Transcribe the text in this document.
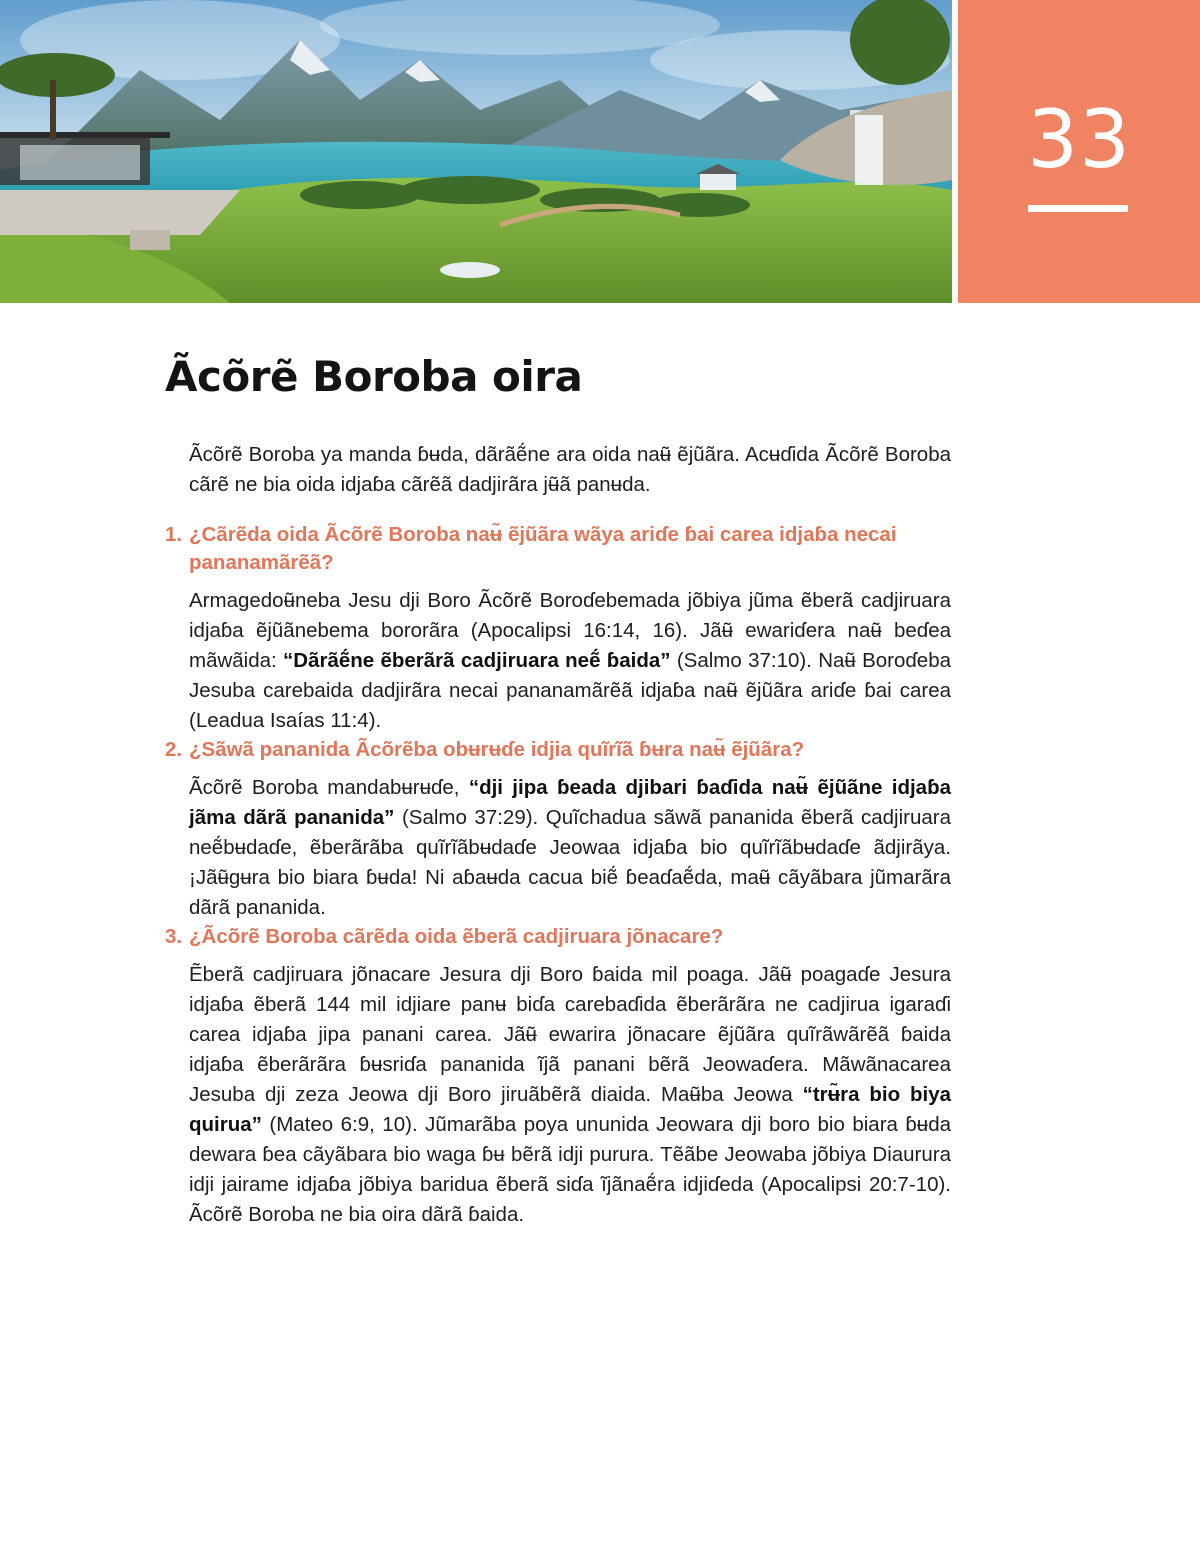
33
Ãcõrẽ Boroba oira

Ãcõrẽ Boroba ya manda ɓʉda, dãrãẽ́ne ara oida naʉ̃ ẽjũãra. Acʉɗida Ãcõrẽ Boroba cãrẽ ne bia oida idjaɓa cãrẽã dadjirãra jʉ̃ã panʉda.

1. ¿Cãrẽda oida Ãcõrẽ Boroba naʉ̃ ẽjũãra wãya ariɗe ɓai carea idjaɓa necai pananamãrẽã?

Armagedoʉ̃neba Jesu dji Boro Ãcõrẽ Boroɗebemada jõbiya jũma ẽberã cadjiruara idjaɓa ẽjũãnebema bororãra (Apocalipsi 16:14, 16). Jãʉ̃ ewariɗera naʉ̃ beɗea mãwãida: “Dãrãẽ́ne ẽberãrã cadjiruara neẽ́ ɓaida” (Salmo 37:10). Naʉ̃ Boroɗeba Jesuba carebaida dadjirãra necai pananamãrẽã idjaɓa naʉ̃ ẽjũãra ariɗe ɓai carea (Leadua Isaías 11:4).

2. ¿Sãwã pananida Ãcõrẽba obʉrʉɗe idjia quĩrĩã ɓʉra naʉ̃ ẽjũãra?

Ãcõrẽ Boroba mandabʉrʉɗe, “dji jipa ɓeada djibari ɓaɗida naʉ̃ ẽjũãne idjaɓa jãma dãrã pananida” (Salmo 37:29). Quĩchadua sãwã pananida ẽberã cadjiruara neẽ́bʉdaɗe, ẽberãrãba quĩrĩãbʉdaɗe Jeowaa idjaɓa bio quĩrĩãbʉdaɗe ãdjirãya. ¡Jãʉ̃gʉra bio biara ɓʉda! Ni aɓaʉda cacua biẽ́ ɓeaɗaẽ́da, maʉ̃ cãyãbara jũmarãra dãrã pananida.

3. ¿Ãcõrẽ Boroba cãrẽda oida ẽberã cadjiruara jõnacare?

Ẽberã cadjiruara jõnacare Jesura dji Boro ɓaida mil poaga. Jãʉ̃ poagaɗe Jesura idjaɓa ẽberã 144 mil idjiare panʉ biɗa carebaɗida ẽberãrãra ne cadjirua igaraɗi carea idjaɓa jipa panani carea. Jãʉ̃ ewarira jõnacare ẽjũãra quĩrãwãrẽã ɓaida idjaɓa ẽberãrãra ɓʉsriɗa pananida ĩjã panani bẽrã Jeowaɗera. Mãwãnacarea Jesuba dji zeza Jeowa dji Boro jiruãbẽrã diaida. Maʉ̃ba Jeowa “trʉ̃ra bio biya quirua” (Mateo 6:9, 10). Jũmarãba poya ununida Jeowara dji boro bio biara ɓʉda dewara ɓea cãyãbara bio waga ɓʉ bẽrã idji purura. Tẽãbe Jeowaba jõbiya Diaurura idji jairame idjaɓa jõbiya baridua ẽberã siɗa ĩjãnaẽ́ra idjiɗeda (Apocalipsi 20:7-10). Ãcõrẽ Boroba ne bia oira dãrã ɓaida.
